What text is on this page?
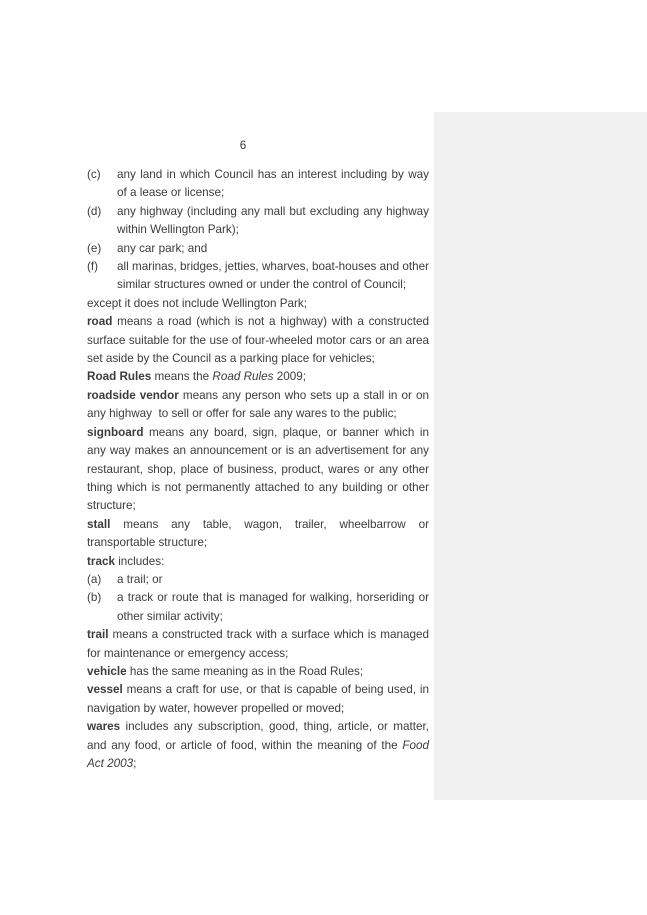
6
(c) any land in which Council has an interest including by way of a lease or license;
(d) any highway (including any mall but excluding any highway within Wellington Park);
(e) any car park; and
(f) all marinas, bridges, jetties, wharves, boat-houses and other similar structures owned or under the control of Council;
except it does not include Wellington Park;
road means a road (which is not a highway) with a constructed surface suitable for the use of four-wheeled motor cars or an area set aside by the Council as a parking place for vehicles;
Road Rules means the Road Rules 2009;
roadside vendor means any person who sets up a stall in or on any highway  to sell or offer for sale any wares to the public;
signboard means any board, sign, plaque, or banner which in any way makes an announcement or is an advertisement for any restaurant, shop, place of business, product, wares or any other thing which is not permanently attached to any building or other structure;
stall means any table, wagon, trailer, wheelbarrow or transportable structure;
track includes:
(a) a trail; or
(b) a track or route that is managed for walking, horseriding or other similar activity;
trail means a constructed track with a surface which is managed for maintenance or emergency access;
vehicle has the same meaning as in the Road Rules;
vessel means a craft for use, or that is capable of being used, in navigation by water, however propelled or moved;
wares includes any subscription, good, thing, article, or matter, and any food, or article of food, within the meaning of the Food Act 2003;
